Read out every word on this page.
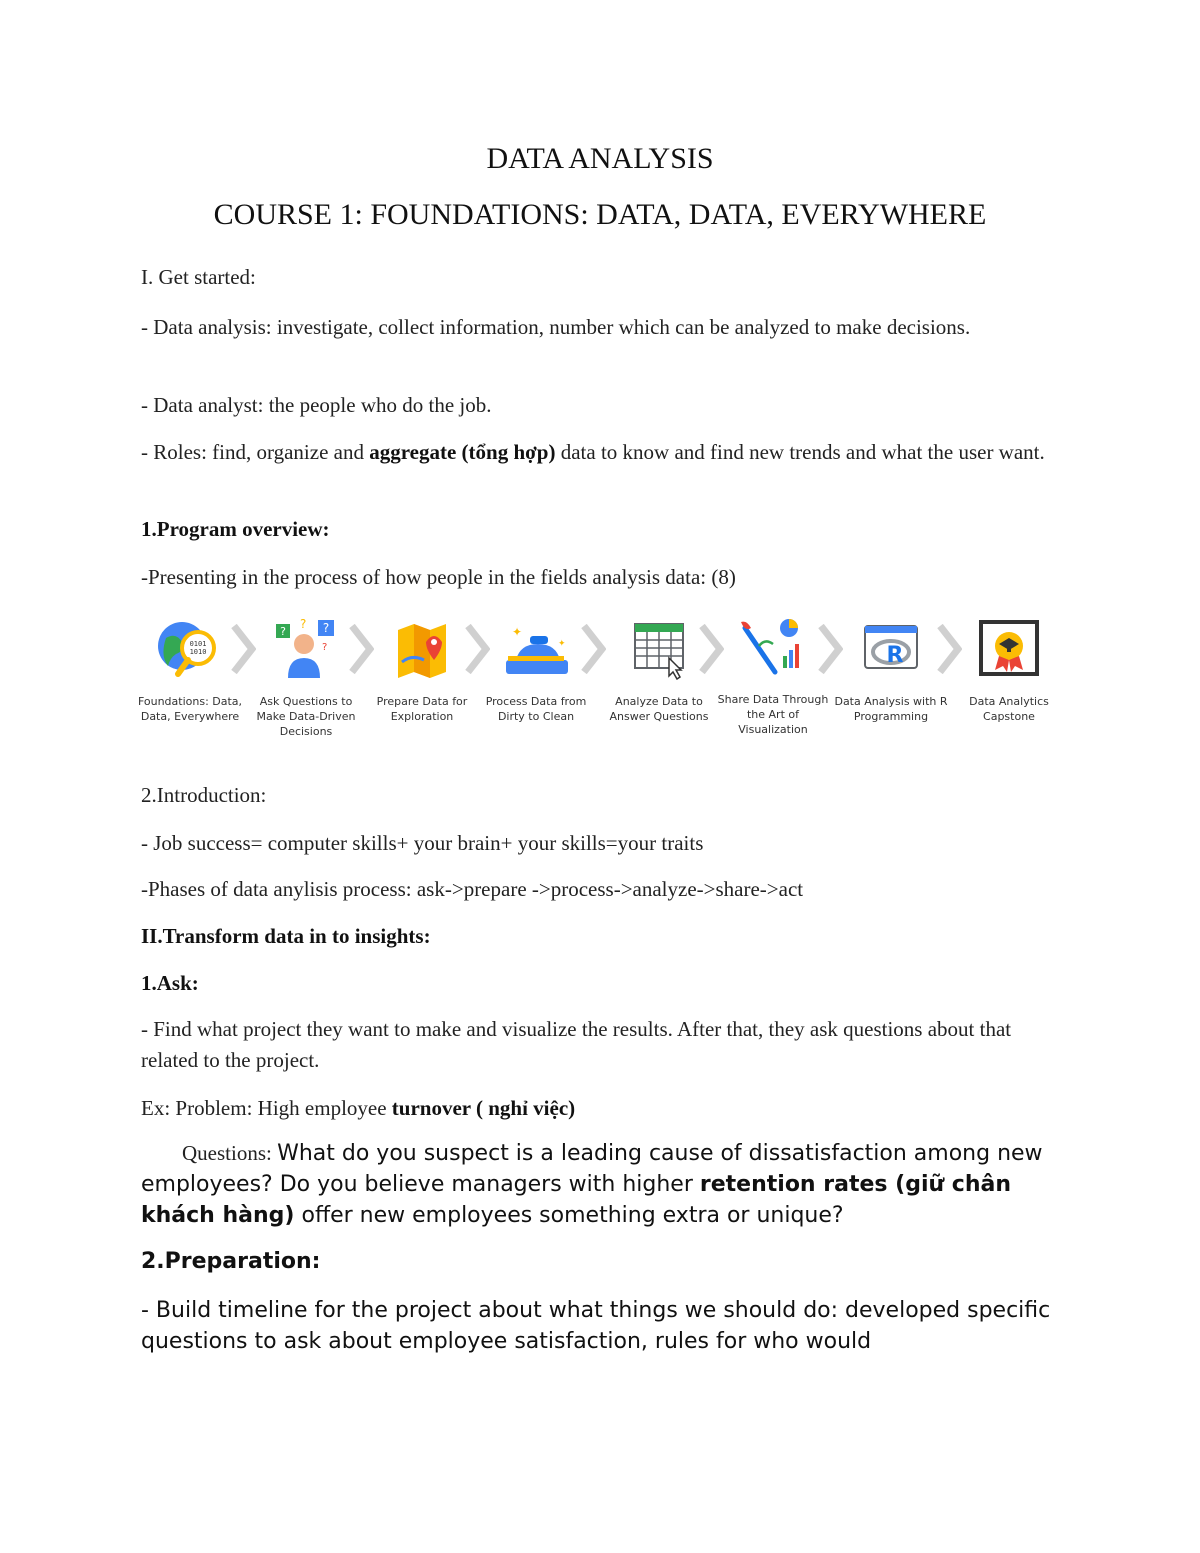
DATA ANALYSIS
COURSE 1: FOUNDATIONS: DATA, DATA, EVERYWHERE
I. Get started:
- Data analysis: investigate, collect information, number which can be analyzed to make decisions.
- Data analyst: the people who do the job.
- Roles: find, organize and aggregate (tổng hợp) data to know and find new trends and what the user want.
1.Program overview:
-Presenting in the process of how people in the fields analysis data: (8)
0101
1010
Foundations: Data, Data, Everywhere
?	?
?
?
Ask Questions to Make Data-Driven Decisions
Prepare Data for Exploration
✦
✦
Process Data from Dirty to Clean
Analyze Data to Answer Questions
Share Data Through the Art of Visualization
R
Data Analysis with R Programming
Data Analytics Capstone
2.Introduction:
- Job success= computer skills+ your brain+ your skills=your traits
-Phases of data anylisis process: ask->prepare ->process->analyze->share->act
II.Transform data in to insights:
1.Ask:
- Find what project they want to make and visualize the results. After that, they ask questions about that related to the project.
Ex: Problem: High employee turnover ( nghỉ việc)
Questions: What do you suspect is a leading cause of dissatisfaction among new employees? Do you believe managers with higher retention rates (giữ chân khách hàng) offer new employees something extra or unique?
2.Preparation:
- Build timeline for the project about what things we should do: developed specific questions to ask about employee satisfaction, rules for who would
